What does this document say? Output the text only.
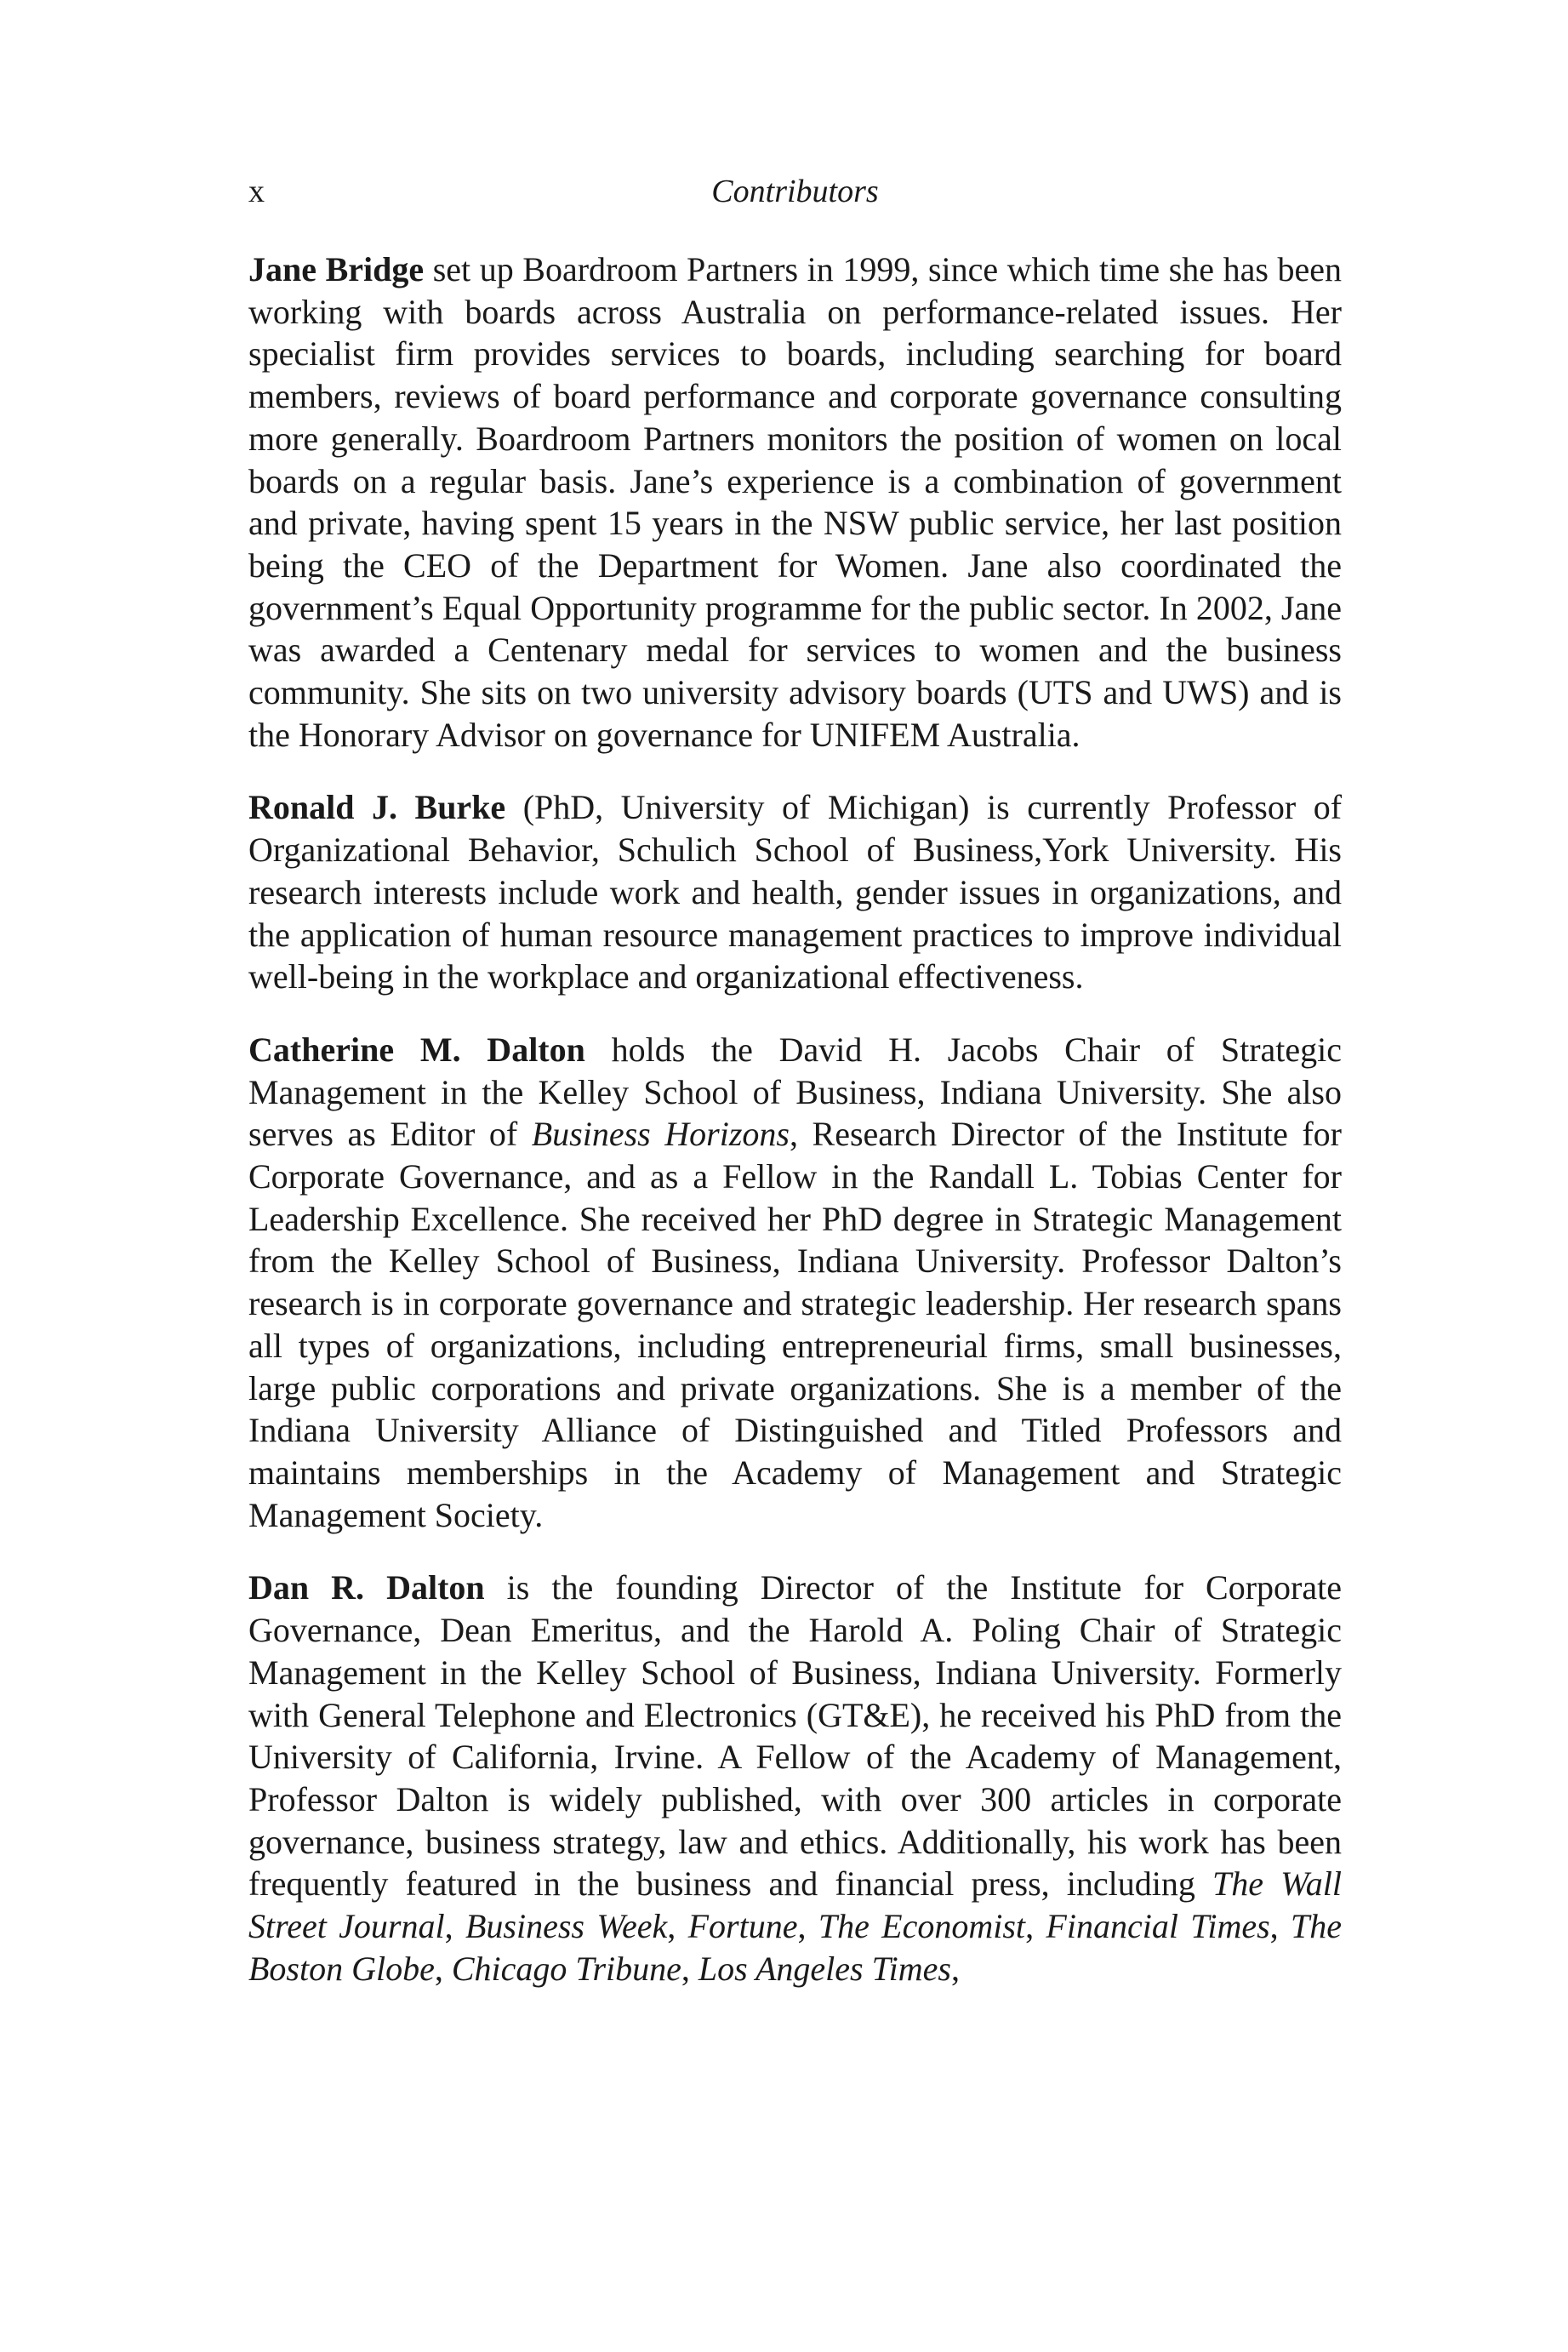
x	Contributors

Jane Bridge set up Boardroom Partners in 1999, since which time she has been working with boards across Australia on performance-related issues. Her specialist firm provides services to boards, including searching for board members, reviews of board performance and corporate governance consulting more generally. Boardroom Partners monitors the position of women on local boards on a regular basis. Jane’s experience is a combination of government and private, having spent 15 years in the NSW public service, her last position being the CEO of the Department for Women. Jane also coordinated the government’s Equal Opportunity programme for the public sector. In 2002, Jane was awarded a Centenary medal for services to women and the business community. She sits on two university advisory boards (UTS and UWS) and is the Honorary Advisor on governance for UNIFEM Australia.

Ronald J. Burke (PhD, University of Michigan) is currently Professor of Organizational Behavior, Schulich School of Business,York University. His research interests include work and health, gender issues in organizations, and the application of human resource management practices to improve individual well-being in the workplace and organizational effectiveness.

Catherine M. Dalton holds the David H. Jacobs Chair of Strategic Management in the Kelley School of Business, Indiana University. She also serves as Editor of Business Horizons, Research Director of the Institute for Corporate Governance, and as a Fellow in the Randall L. Tobias Center for Leadership Excellence. She received her PhD degree in Strategic Management from the Kelley School of Business, Indiana University. Professor Dalton’s research is in corporate governance and strategic leadership. Her research spans all types of organizations, including entrepreneurial firms, small businesses, large public corporations and private organizations. She is a member of the Indiana University Alliance of Distinguished and Titled Professors and maintains memberships in the Academy of Management and Strategic Management Society.

Dan R. Dalton is the founding Director of the Institute for Corporate Governance, Dean Emeritus, and the Harold A. Poling Chair of Strategic Management in the Kelley School of Business, Indiana University. Formerly with General Telephone and Electronics (GT&E), he received his PhD from the University of California, Irvine. A Fellow of the Academy of Management, Professor Dalton is widely published, with over 300 articles in corporate governance, business strategy, law and ethics. Additionally, his work has been frequently featured in the business and financial press, including The Wall Street Journal, Business Week, Fortune, The Economist, Financial Times, The Boston Globe, Chicago Tribune, Los Angeles Times,
